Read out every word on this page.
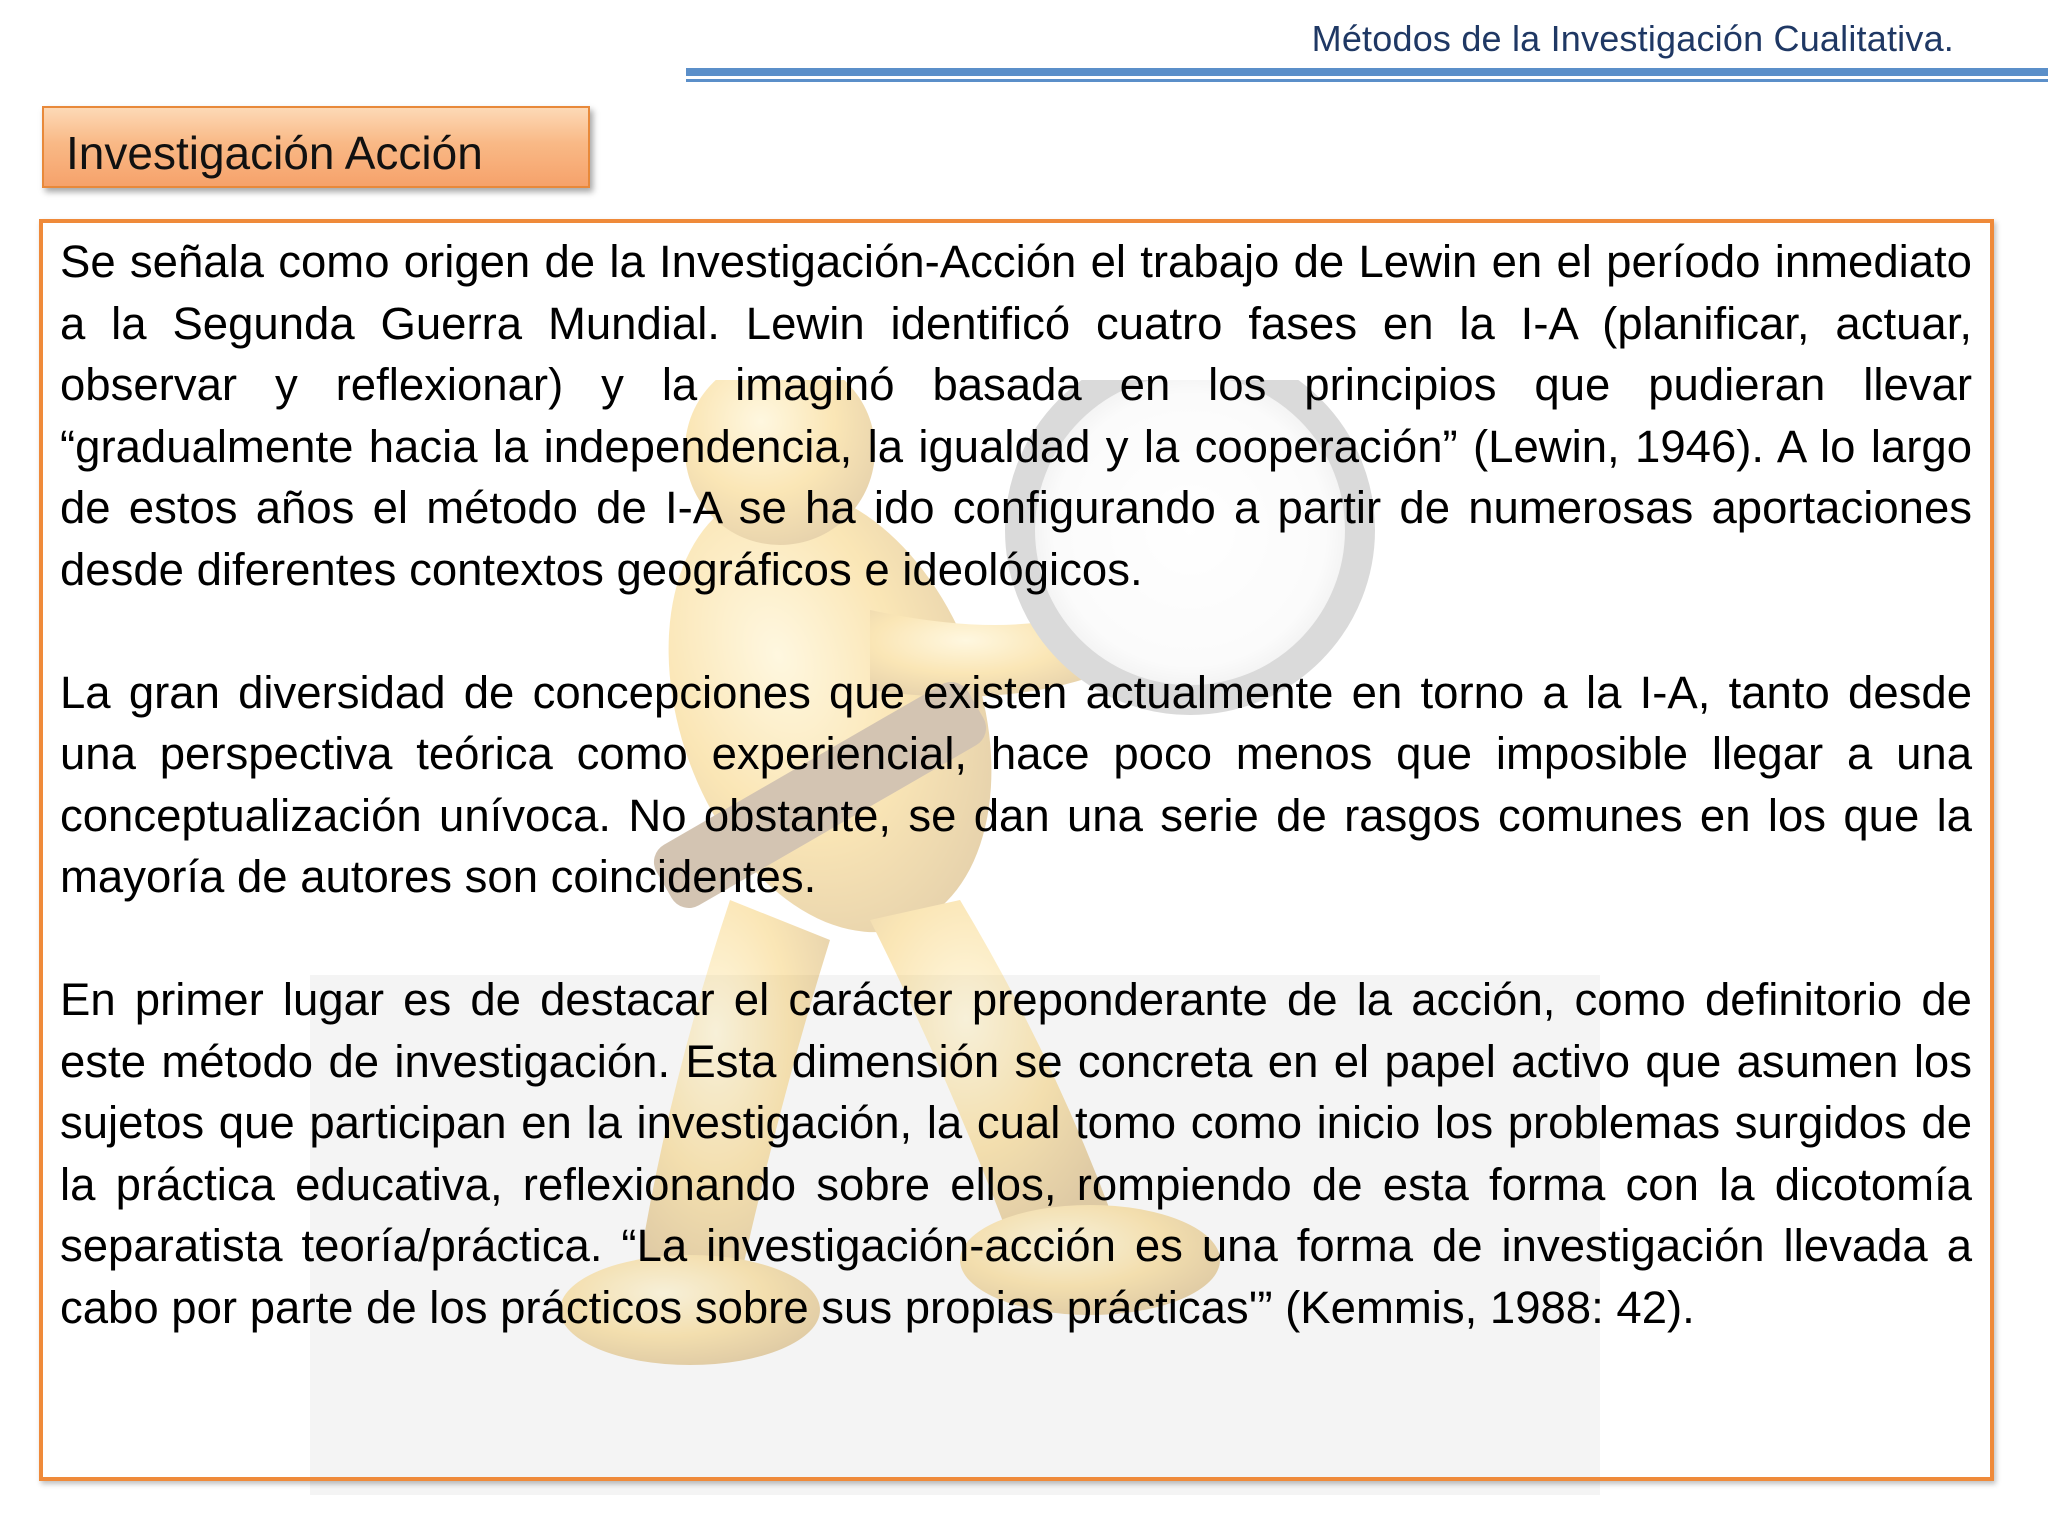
Métodos de la Investigación Cualitativa.
Investigación Acción

Se señala como origen de la Investigación-Acción el trabajo de Lewin en el período inmediato a la Segunda Guerra Mundial. Lewin identificó cuatro fases en la I-A (planificar, actuar, observar y reflexionar) y la imaginó basada en los principios que pudieran llevar “gradualmente hacia la independencia, la igualdad y la cooperación” (Lewin, 1946). A lo largo de estos años el método de I-A se ha ido configurando a partir de numerosas aportaciones desde diferentes contextos geográficos e ideológicos.

La gran diversidad de concepciones que existen actualmente en torno a la I-A, tanto desde una perspectiva teórica como experiencial, hace poco menos que imposible llegar a una conceptualización unívoca. No obstante, se dan una serie de rasgos comunes en los que la mayoría de autores son coincidentes.

En primer lugar es de destacar el carácter preponderante de la acción, como definitorio de este método de investigación. Esta dimensión se concreta en el papel activo que asumen los sujetos que participan en la investigación, la cual tomo como inicio los problemas surgidos de la práctica educativa, reflexionando sobre ellos, rompiendo de esta forma con la dicotomía separatista teoría/práctica. “La investigación-acción es una forma de investigación llevada a cabo por parte de los prácticos sobre sus propias prácticas'” (Kemmis, 1988: 42).
